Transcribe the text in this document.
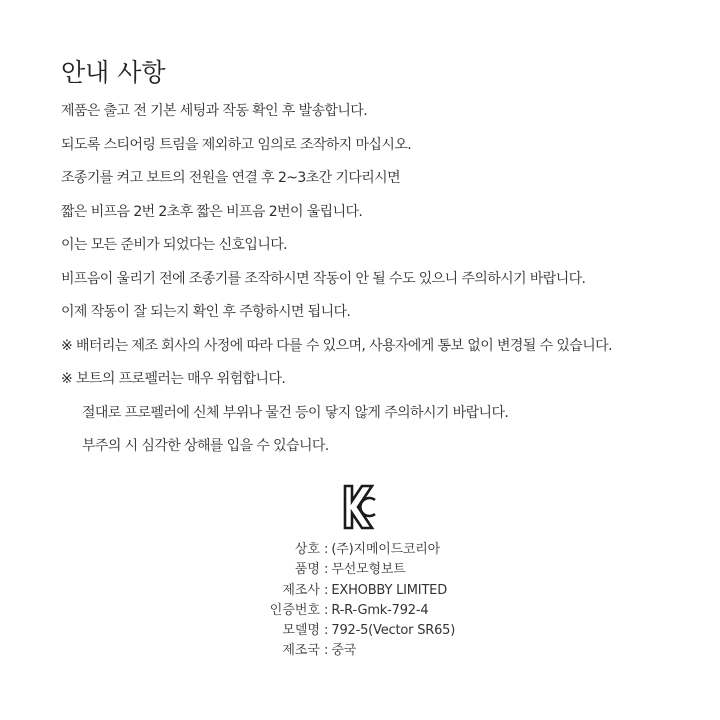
안내 사항
제품은 출고 전 기본 세팅과 작동 확인 후 발송합니다.
되도록 스티어링 트림을 제외하고 임의로 조작하지 마십시오.
조종기를 켜고 보트의 전원을 연결 후 2~3초간 기다리시면
짧은 비프음 2번 2초후 짧은 비프음 2번이 울립니다.
이는 모든 준비가 되었다는 신호입니다.
비프음이 울리기 전에 조종기를 조작하시면 작동이 안 될 수도 있으니 주의하시기 바랍니다.
이제 작동이 잘 되는지 확인 후 주항하시면 됩니다.
※ 배터리는 제조 회사의 사정에 따라 다를 수 있으며, 사용자에게 통보 없이 변경될 수 있습니다.
※ 보트의 프로펠러는 매우 위험합니다.
절대로 프로펠러에 신체 부위나 물건 등이 닿지 않게 주의하시기 바랍니다.
부주의 시 심각한 상해를 입을 수 있습니다.
상호 : (주)지메이드코리아
품명 : 무선모형보트
제조사 : EXHOBBY LIMITED
인증번호 : R-R-Gmk-792-4
모델명 : 792-5(Vector SR65)
제조국 : 중국
